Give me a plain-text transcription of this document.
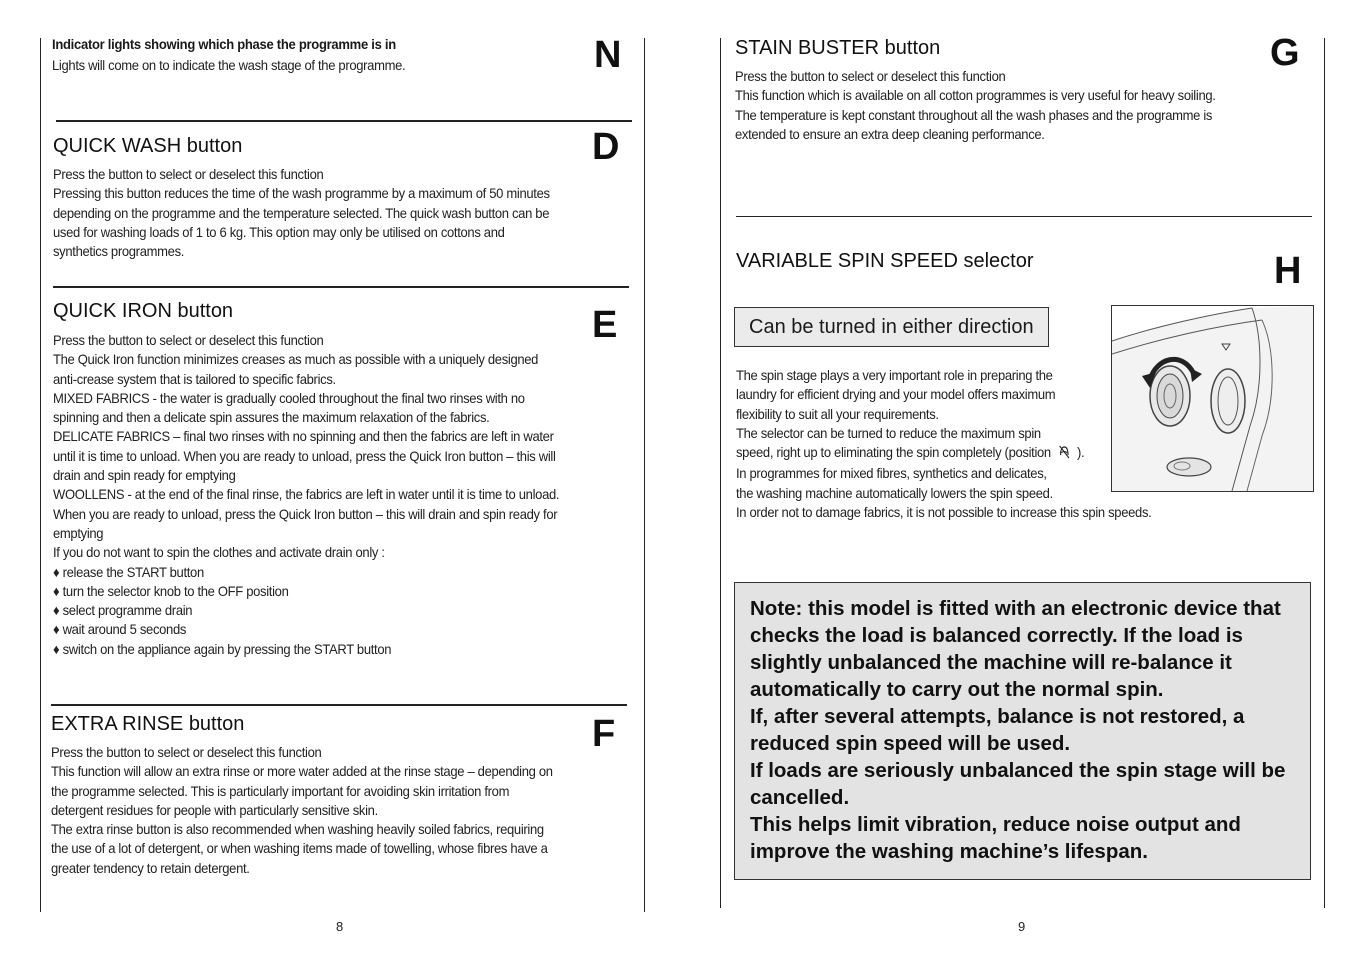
Indicator lights showing which phase the programme is in	N
Lights will come on to indicate the wash stage of the programme.
QUICK WASH button	D
Press the button to select or deselect this function
Pressing this button reduces the time of the wash programme by a maximum of 50 minutes
depending on the programme and the temperature selected. The quick wash button can be
used for washing loads of 1 to 6 kg. This option may only be utilised on cottons and
synthetics programmes.
QUICK IRON button	E
Press the button to select or deselect this function
The Quick Iron function minimizes creases as much as possible with a uniquely designed
anti-crease system that is tailored to specific fabrics.
MIXED FABRICS - the water is gradually cooled throughout the final two rinses with no
spinning and then a delicate spin assures the maximum relaxation of the fabrics.
DELICATE FABRICS – final two rinses with no spinning and then the fabrics are left in water
until it is time to unload. When you are ready to unload, press the Quick Iron button – this will
drain and spin ready for emptying
WOOLLENS - at the end of the final rinse, the fabrics are left in water until it is time to unload.
When you are ready to unload, press the Quick Iron button – this will drain and spin ready for
emptying
If you do not want to spin the clothes and activate drain only :
♦ release the START button
♦ turn the selector knob to the OFF position
♦ select programme drain
♦ wait around 5 seconds
♦ switch on the appliance again by pressing the START button
EXTRA RINSE button	F
Press the button to select or deselect this function
This function will allow an extra rinse or more water added at the rinse stage – depending on
the programme selected. This is particularly important for avoiding skin irritation from
detergent residues for people with particularly sensitive skin.
The extra rinse button is also recommended when washing heavily soiled fabrics, requiring
the use of a lot of detergent, or when washing items made of towelling, whose fibres have a
greater tendency to retain detergent.
8
STAIN BUSTER button	G
Press the button to select or deselect this function
This function which is available on all cotton programmes is very useful for heavy soiling.
The temperature is kept constant throughout all the wash phases and the programme is
extended to ensure an extra deep cleaning performance.
VARIABLE SPIN SPEED selector	H
Can be turned in either direction
The spin stage plays a very important role in preparing the
laundry for efficient drying and your model offers maximum
flexibility to suit all your requirements.
The selector can be turned to reduce the maximum spin
speed, right up to eliminating the spin completely (position ).
In programmes for mixed fibres, synthetics and delicates,
the washing machine automatically lowers the spin speed.
In order not to damage fabrics, it is not possible to increase this spin speeds.
Note: this model is fitted with an electronic device that
checks the load is balanced correctly. If the load is
slightly unbalanced the machine will re-balance it
automatically to carry out the normal spin.
If, after several attempts, balance is not restored, a
reduced spin speed will be used.
If loads are seriously unbalanced the spin stage will be
cancelled.
This helps limit vibration, reduce noise output and
improve the washing machine’s lifespan.
9
